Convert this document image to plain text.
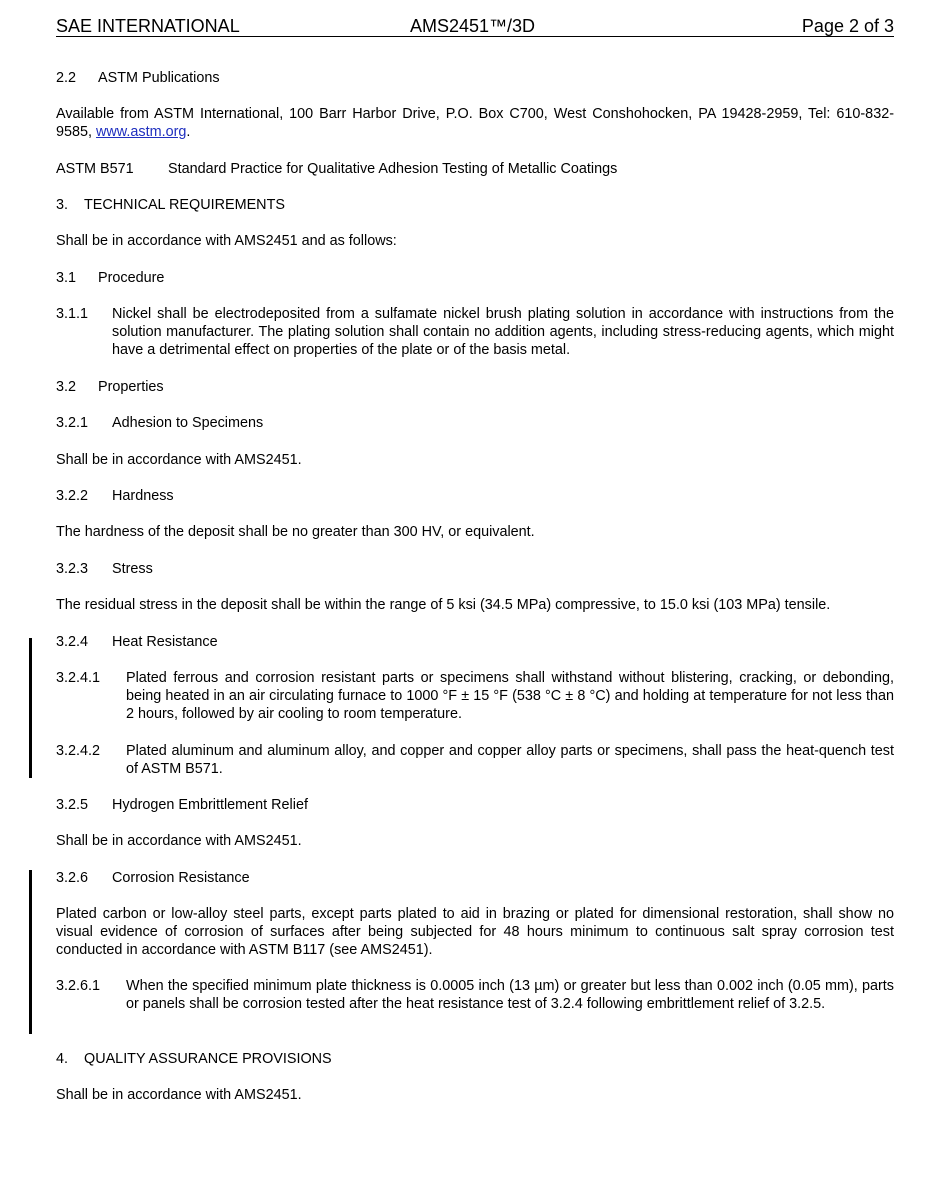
SAE INTERNATIONAL	AMS2451™/3D	Page 2 of 3
2.2 ASTM Publications
Available from ASTM International, 100 Barr Harbor Drive, P.O. Box C700, West Conshohocken, PA 19428-2959, Tel: 610-832-9585, www.astm.org.
ASTM B571 Standard Practice for Qualitative Adhesion Testing of Metallic Coatings
3. TECHNICAL REQUIREMENTS
Shall be in accordance with AMS2451 and as follows:
3.1 Procedure
3.1.1 Nickel shall be electrodeposited from a sulfamate nickel brush plating solution in accordance with instructions from the solution manufacturer. The plating solution shall contain no addition agents, including stress-reducing agents, which might have a detrimental effect on properties of the plate or of the basis metal.
3.2 Properties
3.2.1 Adhesion to Specimens
Shall be in accordance with AMS2451.
3.2.2 Hardness
The hardness of the deposit shall be no greater than 300 HV, or equivalent.
3.2.3 Stress
The residual stress in the deposit shall be within the range of 5 ksi (34.5 MPa) compressive, to 15.0 ksi (103 MPa) tensile.
3.2.4 Heat Resistance
3.2.4.1 Plated ferrous and corrosion resistant parts or specimens shall withstand without blistering, cracking, or debonding, being heated in an air circulating furnace to 1000 °F ± 15 °F (538 °C ± 8 °C) and holding at temperature for not less than 2 hours, followed by air cooling to room temperature.
3.2.4.2 Plated aluminum and aluminum alloy, and copper and copper alloy parts or specimens, shall pass the heat-quench test of ASTM B571.
3.2.5 Hydrogen Embrittlement Relief
Shall be in accordance with AMS2451.
3.2.6 Corrosion Resistance
Plated carbon or low-alloy steel parts, except parts plated to aid in brazing or plated for dimensional restoration, shall show no visual evidence of corrosion of surfaces after being subjected for 48 hours minimum to continuous salt spray corrosion test conducted in accordance with ASTM B117 (see AMS2451).
3.2.6.1 When the specified minimum plate thickness is 0.0005 inch (13 µm) or greater but less than 0.002 inch (0.05 mm), parts or panels shall be corrosion tested after the heat resistance test of 3.2.4 following embrittlement relief of 3.2.5.
4. QUALITY ASSURANCE PROVISIONS
Shall be in accordance with AMS2451.
